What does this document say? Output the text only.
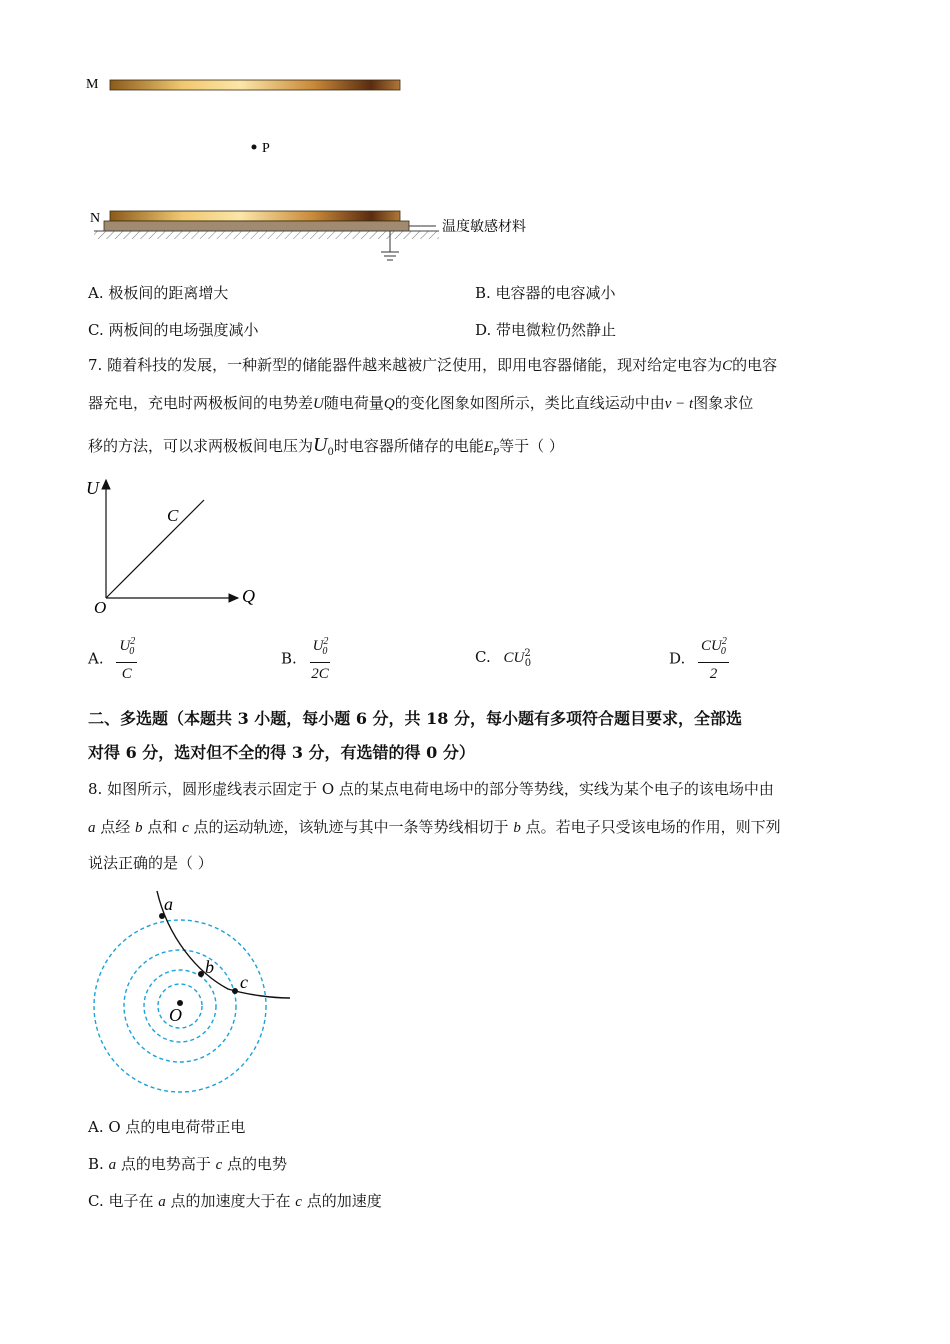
M
P
N
温度敏感材料
A. 极板间的距离增大	B. 电容器的电容减小
C. 两板间的电场强度减小	D. 带电微粒仍然静止
7. 随着科技的发展，一种新型的储能器件越来越被广泛使用，即用电容器储能，现对给定电容为C的电容
器充电，充电时两极板间的电势差U随电荷量Q的变化图象如图所示，类比直线运动中由v − t图象求位
移的方法，可以求两极板间电压为$U_0$时电容器所储存的电能$E_P$等于（ ）
U
Q
O
C
A. $\frac{U^2_0}{C}$	B. $\frac{U^2_0}{2C}$	C. $CU^2_0$	D. $\frac{CU^2_0}{2}$
二、多选题（本题共 3 小题，每小题 6 分，共 18 分，每小题有多项符合题目要求，全部选
对得 6 分，选对但不全的得 3 分，有选错的得 0 分）
8. 如图所示，圆形虚线表示固定于 O 点的某点电荷电场中的部分等势线，实线为某个电子的该电场中由
a 点经 b 点和 c 点的运动轨迹，该轨迹与其中一条等势线相切于 b 点。若电子只受该电场的作用，则下列
说法正确的是（ ）
a
b
c
O
A. O 点的电电荷带正电
B. a 点的电势高于 c 点的电势
C. 电子在 a 点的加速度大于在 c 点的加速度
